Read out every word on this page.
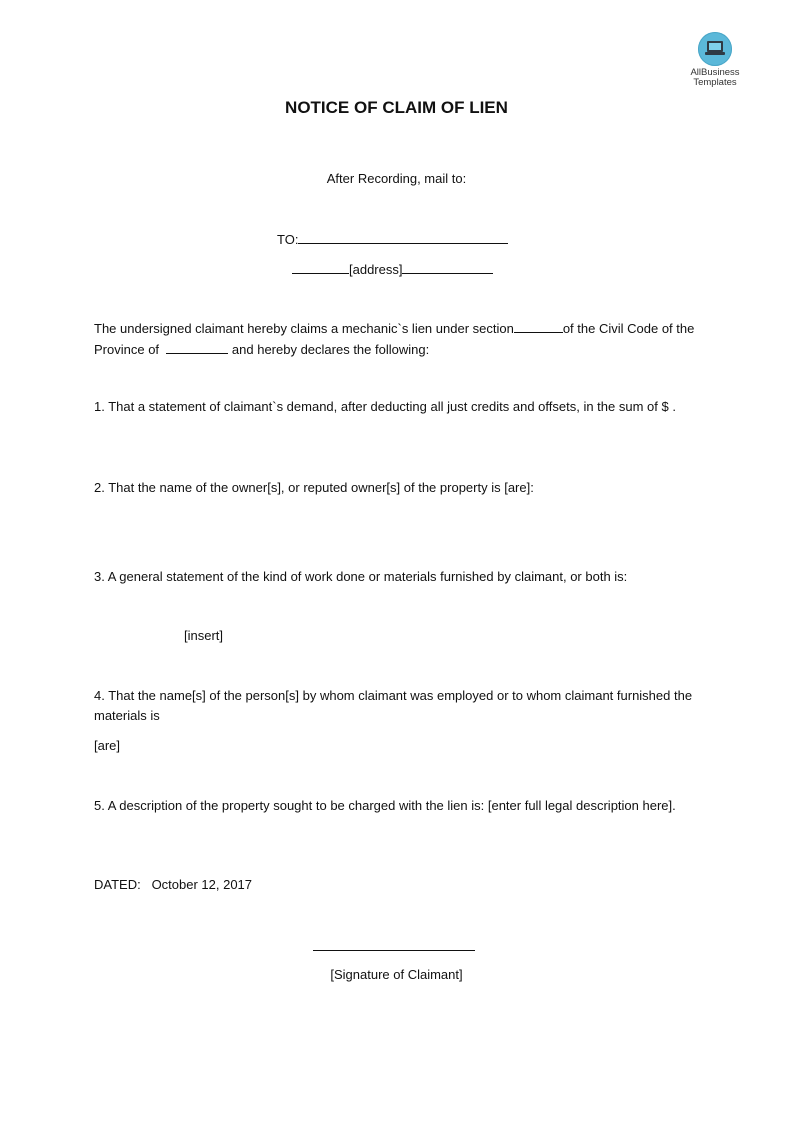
AllBusiness
Templates
NOTICE OF CLAIM OF LIEN
After Recording, mail to:
TO:
[address]
The undersigned claimant hereby claims a mechanic`s lien under section	of the Civil Code of the Province of	and hereby declares the following:
1. That a statement of claimant`s demand, after deducting all just credits and offsets, in the sum of $ .
2. That the name of the owner[s], or reputed owner[s] of the property is [are]:
3. A general statement of the kind of work done or materials furnished by claimant, or both is:
[insert]
4. That the name[s] of the person[s] by whom claimant was employed or to whom claimant furnished the materials is
[are]
5. A description of the property sought to be charged with the lien is: [enter full legal description here].
DATED: October 12, 2017
[Signature of Claimant]
